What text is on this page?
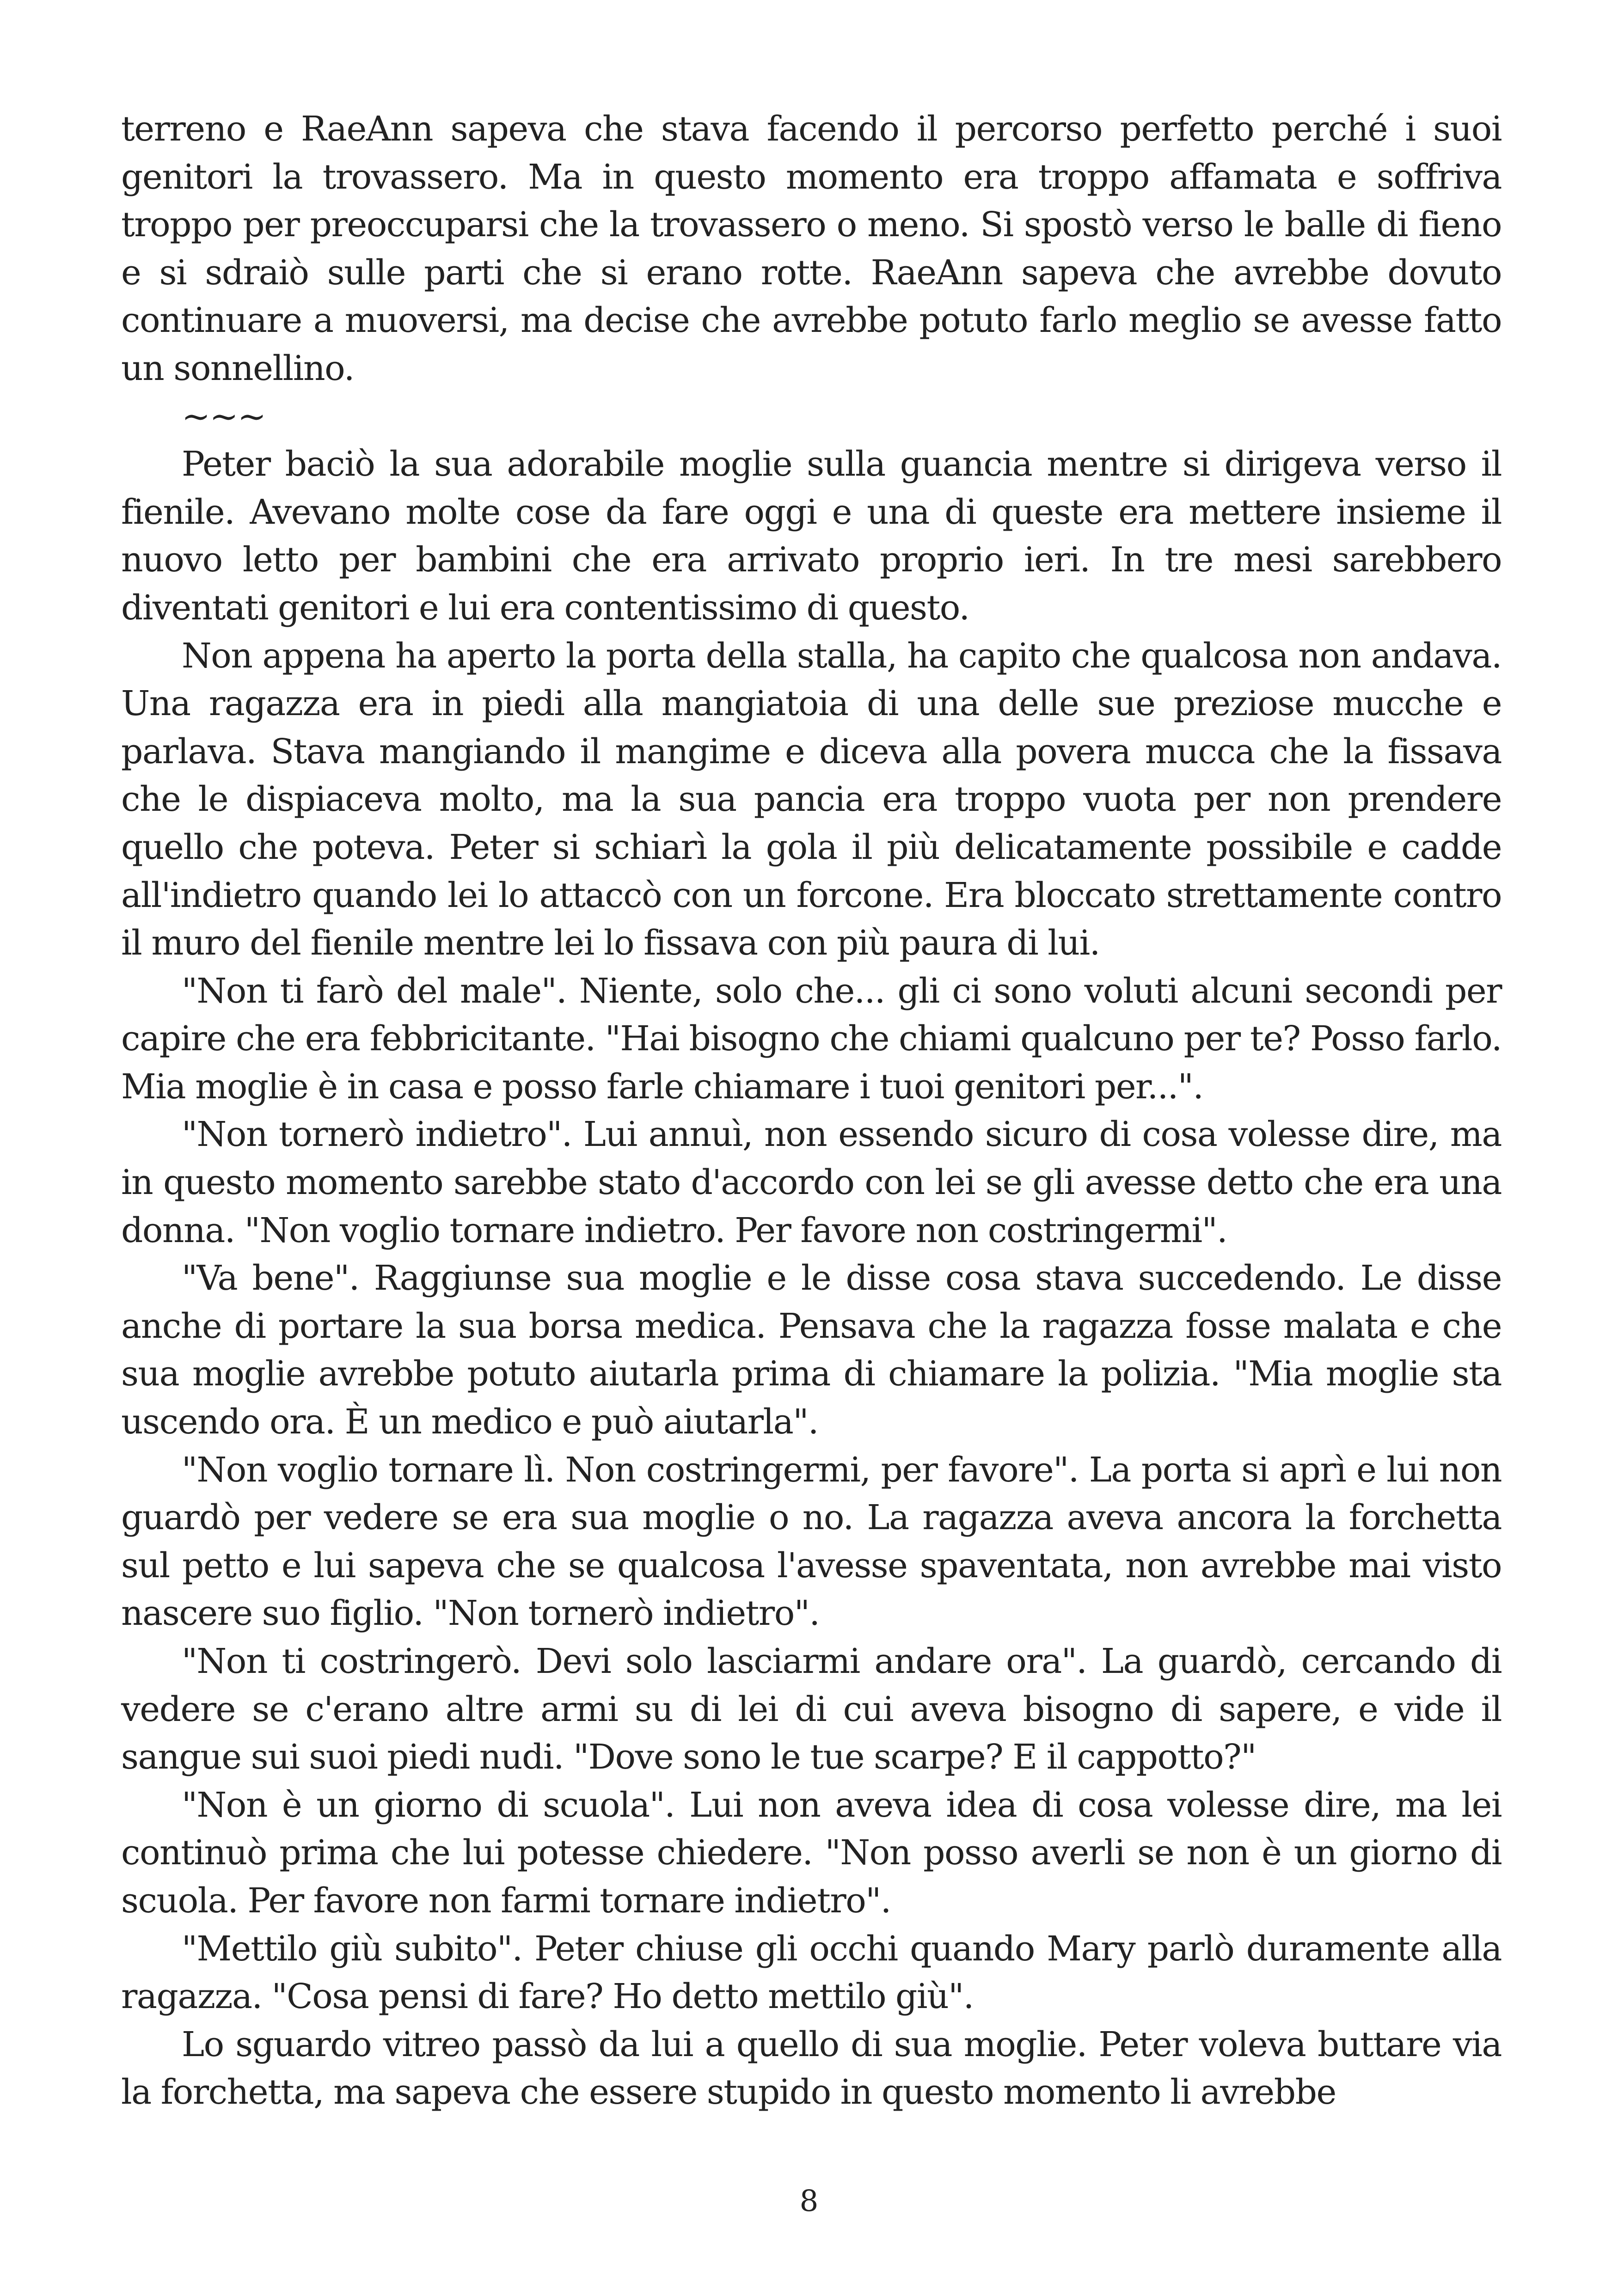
terreno e RaeAnn sapeva che stava facendo il percorso perfetto perché i suoi genitori la trovassero. Ma in questo momento era troppo affamata e soffriva troppo per preoccuparsi che la trovassero o meno. Si spostò verso le balle di fieno e si sdraiò sulle parti che si erano rotte. RaeAnn sapeva che avrebbe dovuto continuare a muoversi, ma decise che avrebbe potuto farlo meglio se avesse fatto un sonnellino.

~~~

Peter baciò la sua adorabile moglie sulla guancia mentre si dirigeva verso il fienile. Avevano molte cose da fare oggi e una di queste era mettere insieme il nuovo letto per bambini che era arrivato proprio ieri. In tre mesi sarebbero diventati genitori e lui era contentissimo di questo.

Non appena ha aperto la porta della stalla, ha capito che qualcosa non andava. Una ragazza era in piedi alla mangiatoia di una delle sue preziose mucche e parlava. Stava mangiando il mangime e diceva alla povera mucca che la fissava che le dispiaceva molto, ma la sua pancia era troppo vuota per non prendere quello che poteva. Peter si schiarì la gola il più delicatamente possibile e cadde all'indietro quando lei lo attaccò con un forcone. Era bloccato strettamente contro il muro del fienile mentre lei lo fissava con più paura di lui.

"Non ti farò del male". Niente, solo che... gli ci sono voluti alcuni secondi per capire che era febbricitante. "Hai bisogno che chiami qualcuno per te? Posso farlo. Mia moglie è in casa e posso farle chiamare i tuoi genitori per...".

"Non tornerò indietro". Lui annuì, non essendo sicuro di cosa volesse dire, ma in questo momento sarebbe stato d'accordo con lei se gli avesse detto che era una donna. "Non voglio tornare indietro. Per favore non costringermi".

"Va bene". Raggiunse sua moglie e le disse cosa stava succedendo. Le disse anche di portare la sua borsa medica. Pensava che la ragazza fosse malata e che sua moglie avrebbe potuto aiutarla prima di chiamare la polizia. "Mia moglie sta uscendo ora. È un medico e può aiutarla".

"Non voglio tornare lì. Non costringermi, per favore". La porta si aprì e lui non guardò per vedere se era sua moglie o no. La ragazza aveva ancora la forchetta sul petto e lui sapeva che se qualcosa l'avesse spaventata, non avrebbe mai visto nascere suo figlio. "Non tornerò indietro".

"Non ti costringerò. Devi solo lasciarmi andare ora". La guardò, cercando di vedere se c'erano altre armi su di lei di cui aveva bisogno di sapere, e vide il sangue sui suoi piedi nudi. "Dove sono le tue scarpe? E il cappotto?"

"Non è un giorno di scuola". Lui non aveva idea di cosa volesse dire, ma lei continuò prima che lui potesse chiedere. "Non posso averli se non è un giorno di scuola. Per favore non farmi tornare indietro".

"Mettilo giù subito". Peter chiuse gli occhi quando Mary parlò duramente alla ragazza. "Cosa pensi di fare? Ho detto mettilo giù".

Lo sguardo vitreo passò da lui a quello di sua moglie. Peter voleva buttare via la forchetta, ma sapeva che essere stupido in questo momento li avrebbe

8
